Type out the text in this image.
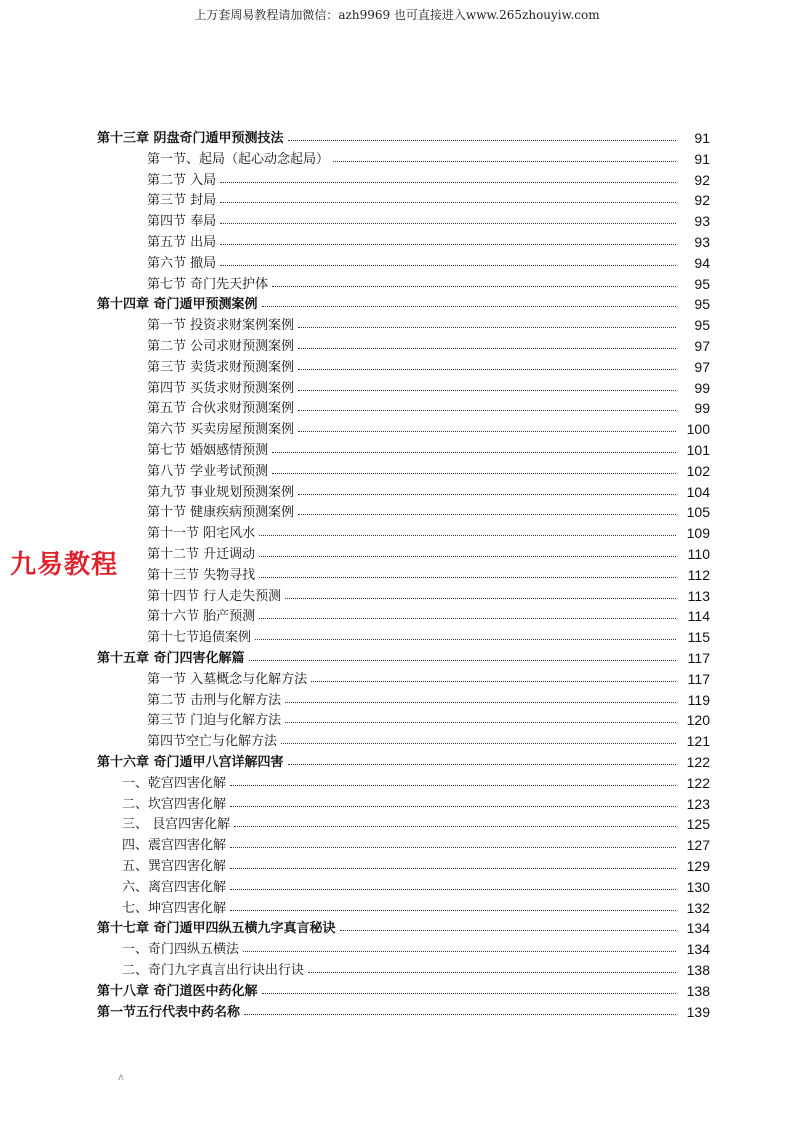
上万套周易教程请加微信：azh9969 也可直接进入www.265zhouyiw.com
第十三章 阴盘奇门遁甲预测技法	91
第一节、起局（起心动念起局）	91
第二节 入局	92
第三节 封局	92
第四节 奉局	93
第五节 出局	93
第六节 撤局	94
第七节 奇门先天护体	95
第十四章 奇门遁甲预测案例	95
第一节 投资求财案例案例	95
第二节 公司求财预测案例	97
第三节 卖货求财预测案例	97
第四节 买货求财预测案例	99
第五节 合伙求财预测案例	99
第六节 买卖房屋预测案例	100
第七节 婚姻感情预测	101
第八节 学业考试预测	102
第九节 事业规划预测案例	104
第十节 健康疾病预测案例	105
第十一节 阳宅风水	109
第十二节 升迁调动	110
第十三节 失物寻找	112
第十四节 行人走失预测	113
第十六节 胎产预测	114
第十七节追债案例	115
第十五章 奇门四害化解篇	117
第一节 入墓概念与化解方法	117
第二节 击刑与化解方法	119
第三节 门迫与化解方法	120
第四节空亡与化解方法	121
第十六章 奇门遁甲八宫详解四害	122
一、乾宫四害化解	122
二、坎宫四害化解	123
三、 艮宫四害化解	125
四、震宫四害化解	127
五、巽宫四害化解	129
六、离宫四害化解	130
七、坤宫四害化解	132
第十七章 奇门遁甲四纵五横九字真言秘诀	134
一、奇门四纵五横法	134
二、奇门九字真言出行诀出行诀	138
第十八章 奇门道医中药化解	138
第一节五行代表中药名称	139
九易教程
ʌ
